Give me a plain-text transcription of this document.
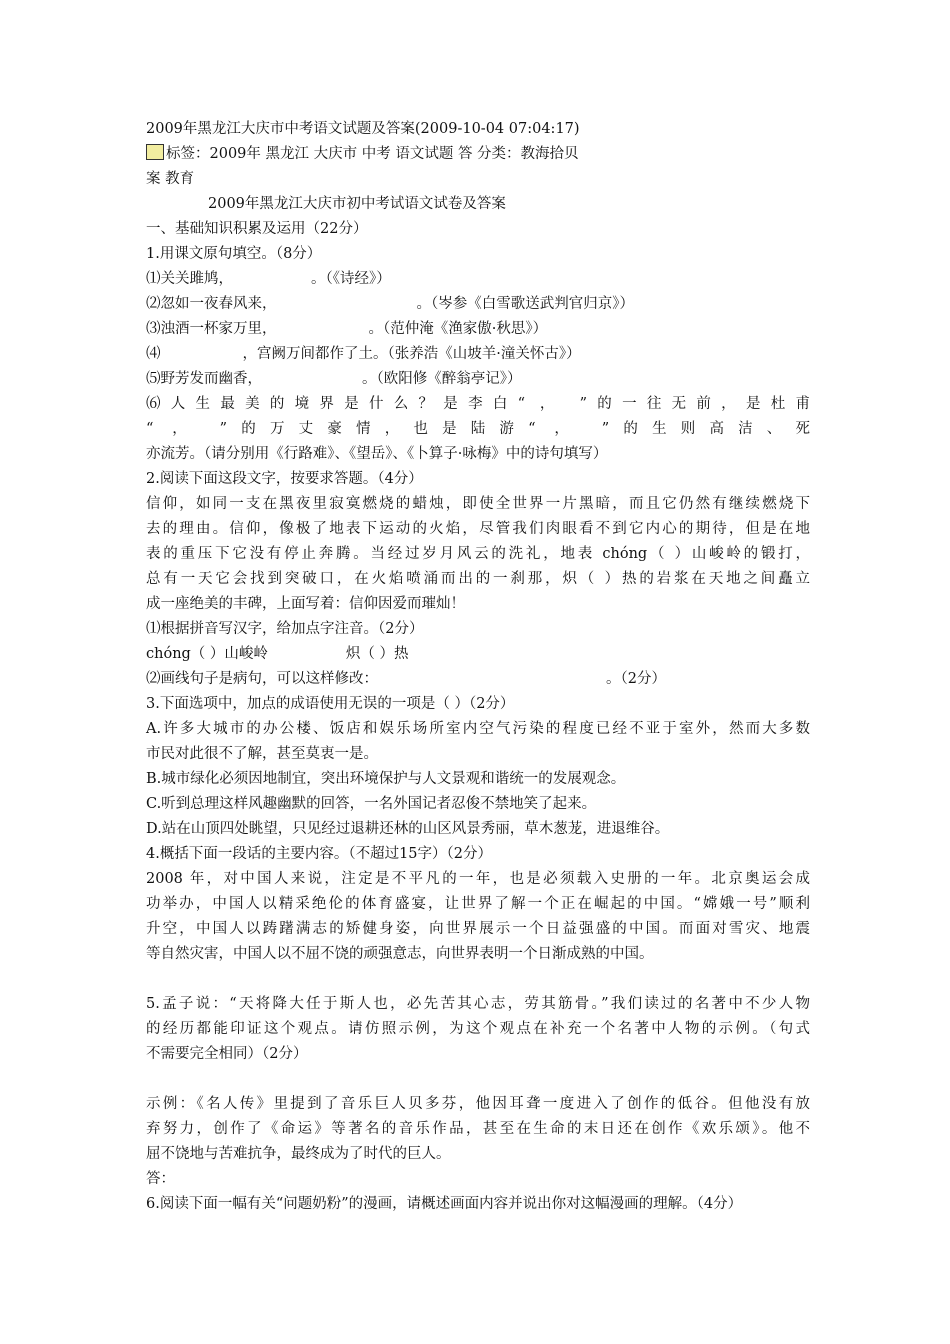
2009年黑龙江大庆市中考语文试题及答案(2009-10-04 07:04:17)
标签：2009年 黑龙江 大庆市 中考 语文试题 答 分类：教海拾贝
案 教育
2009年黑龙江大庆市初中考试语文试卷及答案
一、基础知识积累及运用（22分）
1.用课文原句填空。（8分）
⑴关关雎鸠，	。（《诗经》）
⑵忽如一夜春风来，	。（岑参《白雪歌送武判官归京》）
⑶浊酒一杯家万里，	。（范仲淹《渔家傲·秋思》）
⑷	，宫阙万间都作了土。（张养浩《山坡羊·潼关怀古》）
⑸野芳发而幽香，	。（欧阳修《醉翁亭记》）
⑹人生最美的境界是什么？是李白“ ， ”的一往无前，是杜甫
“ ， ”的万丈豪情，也是陆游“ ， ”的生则高洁、死
亦流芳。（请分别用《行路难》、《望岳》、《卜算子·咏梅》中的诗句填写）
2.阅读下面这段文字，按要求答题。（4分）
信仰，如同一支在黑夜里寂寞燃烧的蜡烛，即使全世界一片黑暗，而且它仍然有继续燃烧下
去的理由。信仰，像极了地表下运动的火焰，尽管我们肉眼看不到它内心的期待，但是在地
表的重压下它没有停止奔腾。当经过岁月风云的洗礼，地表 chóng（ ）山峻岭的锻打，
总有一天它会找到突破口，在火焰喷涌而出的一刹那，炽（ ）热的岩浆在天地之间矗立
成一座绝美的丰碑，上面写着：信仰因爱而璀灿！
⑴根据拼音写汉字，给加点字注音。（2分）
chóng（ ）山峻岭	炽（ ）热
⑵画线句子是病句，可以这样修改：	。（2分）
3.下面选项中，加点的成语使用无误的一项是（ ）（2分）
A.许多大城市的办公楼、饭店和娱乐场所室内空气污染的程度已经不亚于室外，然而大多数
市民对此很不了解，甚至莫衷一是。
B.城市绿化必须因地制宜，突出环境保护与人文景观和谐统一的发展观念。
C.听到总理这样风趣幽默的回答，一名外国记者忍俊不禁地笑了起来。
D.站在山顶四处眺望，只见经过退耕还林的山区风景秀丽，草木葱茏，进退维谷。
4.概括下面一段话的主要内容。（不超过15字）（2分）
2008 年，对中国人来说，注定是不平凡的一年，也是必须载入史册的一年。北京奥运会成
功举办，中国人以精采绝伦的体育盛宴，让世界了解一个正在崛起的中国。“嫦娥一号”顺利
升空，中国人以踌躇满志的矫健身姿，向世界展示一个日益强盛的中国。而面对雪灾、地震
等自然灾害，中国人以不屈不饶的顽强意志，向世界表明一个日渐成熟的中国。
5.孟子说：“天将降大任于斯人也，必先苦其心志，劳其筋骨。”我们读过的名著中不少人物
的经历都能印证这个观点。请仿照示例，为这个观点在补充一个名著中人物的示例。（句式
不需要完全相同）（2分）
示例：《名人传》里提到了音乐巨人贝多芬，他因耳聋一度进入了创作的低谷。但他没有放
弃努力，创作了《命运》等著名的音乐作品，甚至在生命的末日还在创作《欢乐颂》。他不
屈不饶地与苦难抗争，最终成为了时代的巨人。
答：
6.阅读下面一幅有关“问题奶粉”的漫画，请概述画面内容并说出你对这幅漫画的理解。（4分）
